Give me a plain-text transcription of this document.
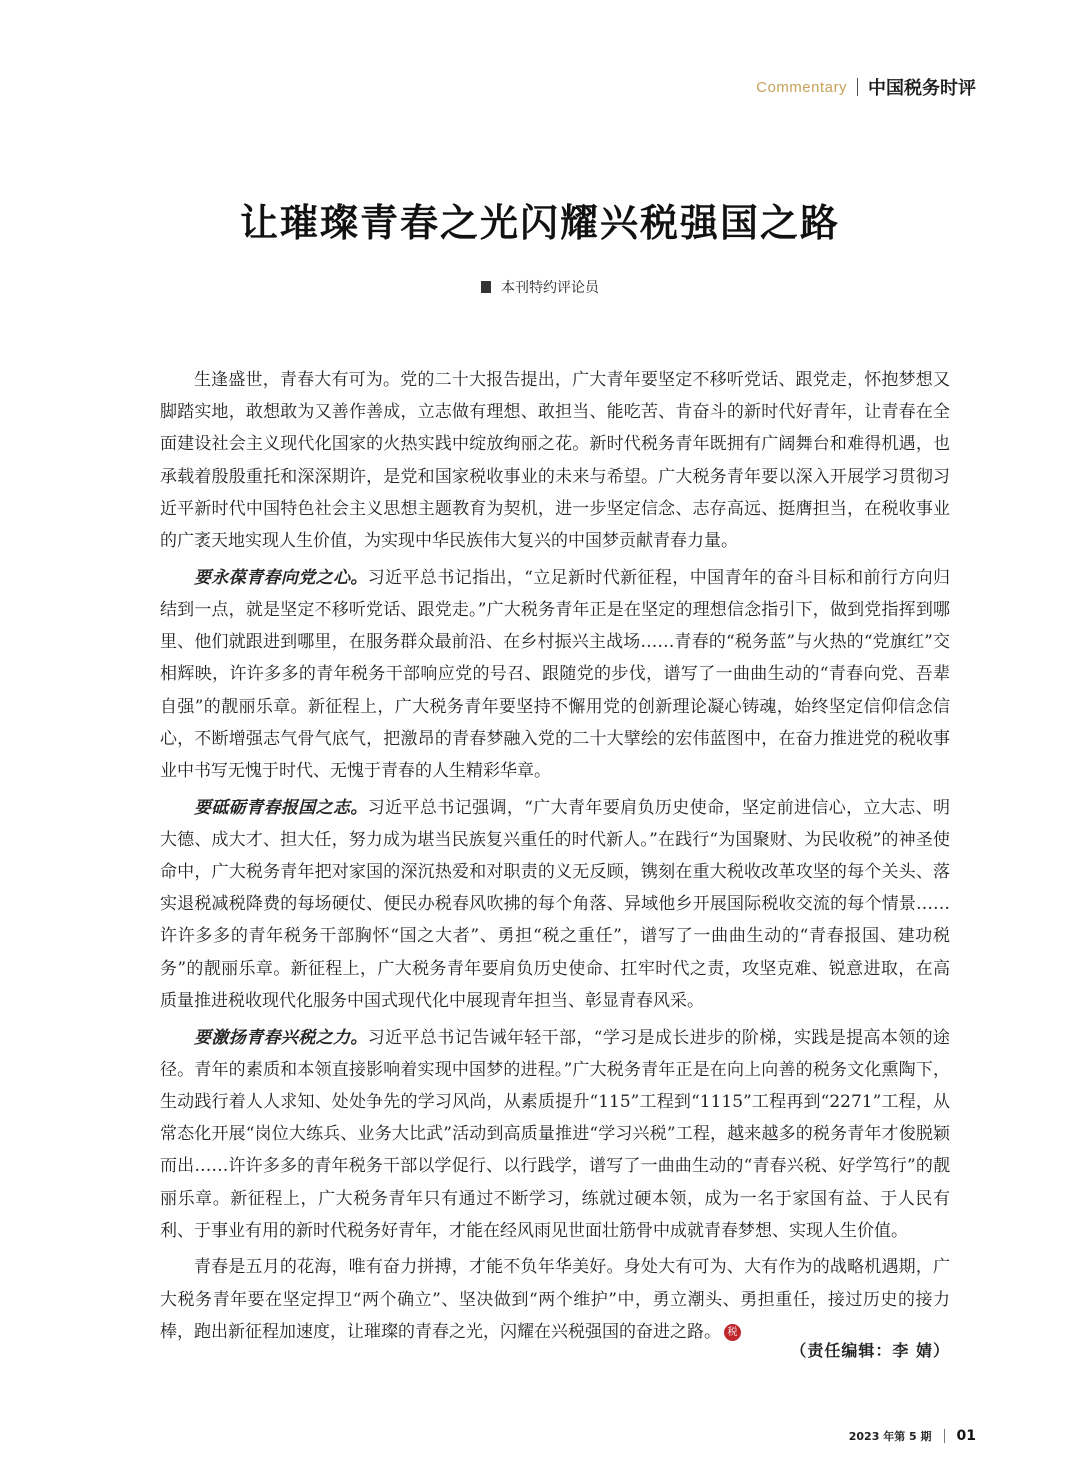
Commentary 中国税务时评
让璀璨青春之光闪耀兴税强国之路
本刊特约评论员

生逢盛世，青春大有可为。党的二十大报告提出，广大青年要坚定不移听党话、跟党走，怀抱梦想又脚踏实地，敢想敢为又善作善成，立志做有理想、敢担当、能吃苦、肯奋斗的新时代好青年，让青春在全面建设社会主义现代化国家的火热实践中绽放绚丽之花。新时代税务青年既拥有广阔舞台和难得机遇，也承载着殷殷重托和深深期许，是党和国家税收事业的未来与希望。广大税务青年要以深入开展学习贯彻习近平新时代中国特色社会主义思想主题教育为契机，进一步坚定信念、志存高远、挺膺担当，在税收事业的广袤天地实现人生价值，为实现中华民族伟大复兴的中国梦贡献青春力量。

要永葆青春向党之心。习近平总书记指出，“立足新时代新征程，中国青年的奋斗目标和前行方向归结到一点，就是坚定不移听党话、跟党走。”广大税务青年正是在坚定的理想信念指引下，做到党指挥到哪里、他们就跟进到哪里，在服务群众最前沿、在乡村振兴主战场……青春的“税务蓝”与火热的“党旗红”交相辉映，许许多多的青年税务干部响应党的号召、跟随党的步伐，谱写了一曲曲生动的“青春向党、吾辈自强”的靓丽乐章。新征程上，广大税务青年要坚持不懈用党的创新理论凝心铸魂，始终坚定信仰信念信心，不断增强志气骨气底气，把激昂的青春梦融入党的二十大擘绘的宏伟蓝图中，在奋力推进党的税收事业中书写无愧于时代、无愧于青春的人生精彩华章。

要砥砺青春报国之志。习近平总书记强调，“广大青年要肩负历史使命，坚定前进信心，立大志、明大德、成大才、担大任，努力成为堪当民族复兴重任的时代新人。”在践行“为国聚财、为民收税”的神圣使命中，广大税务青年把对家国的深沉热爱和对职责的义无反顾，镌刻在重大税收改革攻坚的每个关头、落实退税减税降费的每场硬仗、便民办税春风吹拂的每个角落、异域他乡开展国际税收交流的每个情景……许许多多的青年税务干部胸怀“国之大者”、勇担“税之重任”，谱写了一曲曲生动的“青春报国、建功税务”的靓丽乐章。新征程上，广大税务青年要肩负历史使命、扛牢时代之责，攻坚克难、锐意进取，在高质量推进税收现代化服务中国式现代化中展现青年担当、彰显青春风采。

要激扬青春兴税之力。习近平总书记告诫年轻干部，“学习是成长进步的阶梯，实践是提高本领的途径。青年的素质和本领直接影响着实现中国梦的进程。”广大税务青年正是在向上向善的税务文化熏陶下，生动践行着人人求知、处处争先的学习风尚，从素质提升“115”工程到“1115”工程再到“2271”工程，从常态化开展“岗位大练兵、业务大比武”活动到高质量推进“学习兴税”工程，越来越多的税务青年才俊脱颖而出……许许多多的青年税务干部以学促行、以行践学，谱写了一曲曲生动的“青春兴税、好学笃行”的靓丽乐章。新征程上，广大税务青年只有通过不断学习，练就过硬本领，成为一名于家国有益、于人民有利、于事业有用的新时代税务好青年，才能在经风雨见世面壮筋骨中成就青春梦想、实现人生价值。

青春是五月的花海，唯有奋力拼搏，才能不负年华美好。身处大有可为、大有作为的战略机遇期，广大税务青年要在坚定捍卫“两个确立”、坚决做到“两个维护”中，勇立潮头、勇担重任，接过历史的接力棒，跑出新征程加速度，让璀璨的青春之光，闪耀在兴税强国的奋进之路。 税

（责任编辑：李 婧）
2023 年第 5 期 01
